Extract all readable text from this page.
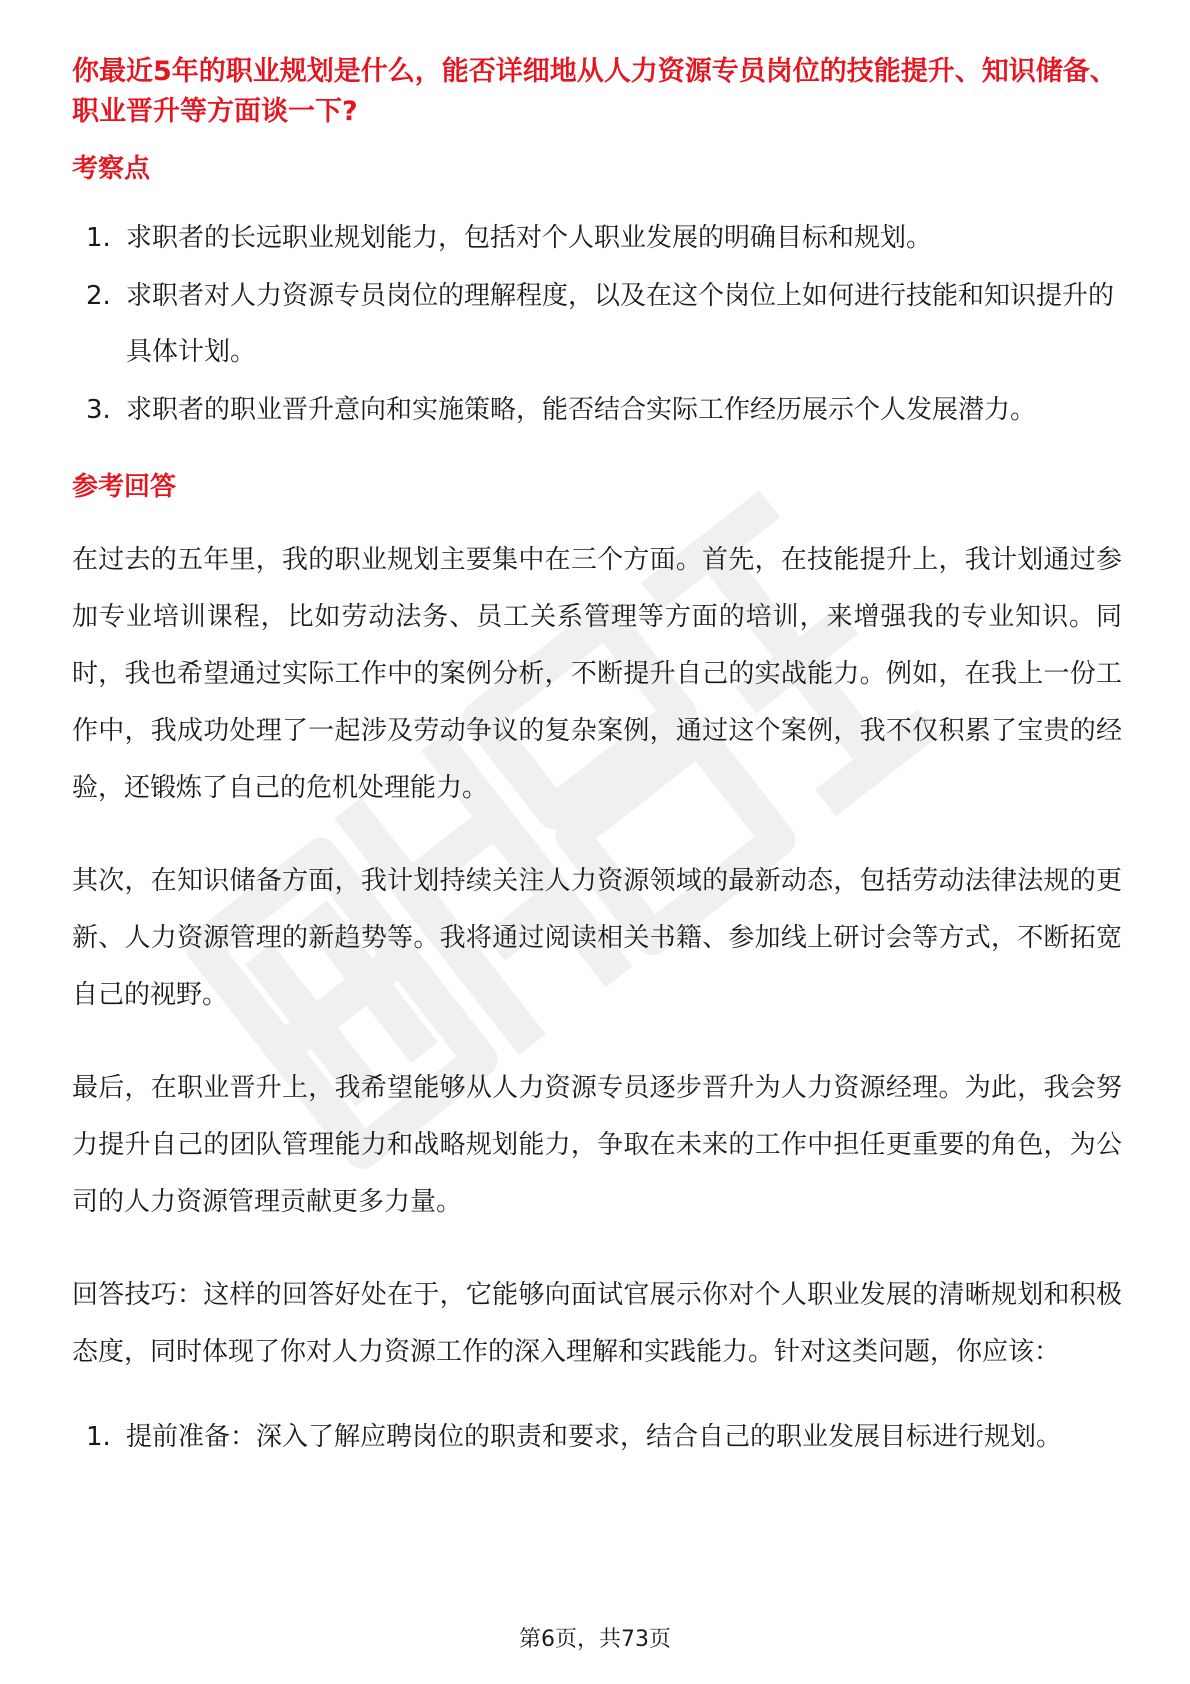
你最近5年的职业规划是什么，能否详细地从人力资源专员岗位的技能提升、知识储备、职业晋升等方面谈一下?
考察点
1. 求职者的长远职业规划能力，包括对个人职业发展的明确目标和规划。
2. 求职者对人力资源专员岗位的理解程度，以及在这个岗位上如何进行技能和知识提升的具体计划。
3. 求职者的职业晋升意向和实施策略，能否结合实际工作经历展示个人发展潜力。
参考回答

在过去的五年里，我的职业规划主要集中在三个方面。首先，在技能提升上，我计划通过参加专业培训课程，比如劳动法务、员工关系管理等方面的培训，来增强我的专业知识。同时，我也希望通过实际工作中的案例分析，不断提升自己的实战能力。例如，在我上一份工作中，我成功处理了一起涉及劳动争议的复杂案例，通过这个案例，我不仅积累了宝贵的经验，还锻炼了自己的危机处理能力。

其次，在知识储备方面，我计划持续关注人力资源领域的最新动态，包括劳动法律法规的更新、人力资源管理的新趋势等。我将通过阅读相关书籍、参加线上研讨会等方式，不断拓宽自己的视野。

最后，在职业晋升上，我希望能够从人力资源专员逐步晋升为人力资源经理。为此，我会努力提升自己的团队管理能力和战略规划能力，争取在未来的工作中担任更重要的角色，为公司的人力资源管理贡献更多力量。

回答技巧：这样的回答好处在于，它能够向面试官展示你对个人职业发展的清晰规划和积极态度，同时体现了你对人力资源工作的深入理解和实践能力。针对这类问题，你应该：

1. 提前准备：深入了解应聘岗位的职责和要求，结合自己的职业发展目标进行规划。
第6页，共73页
